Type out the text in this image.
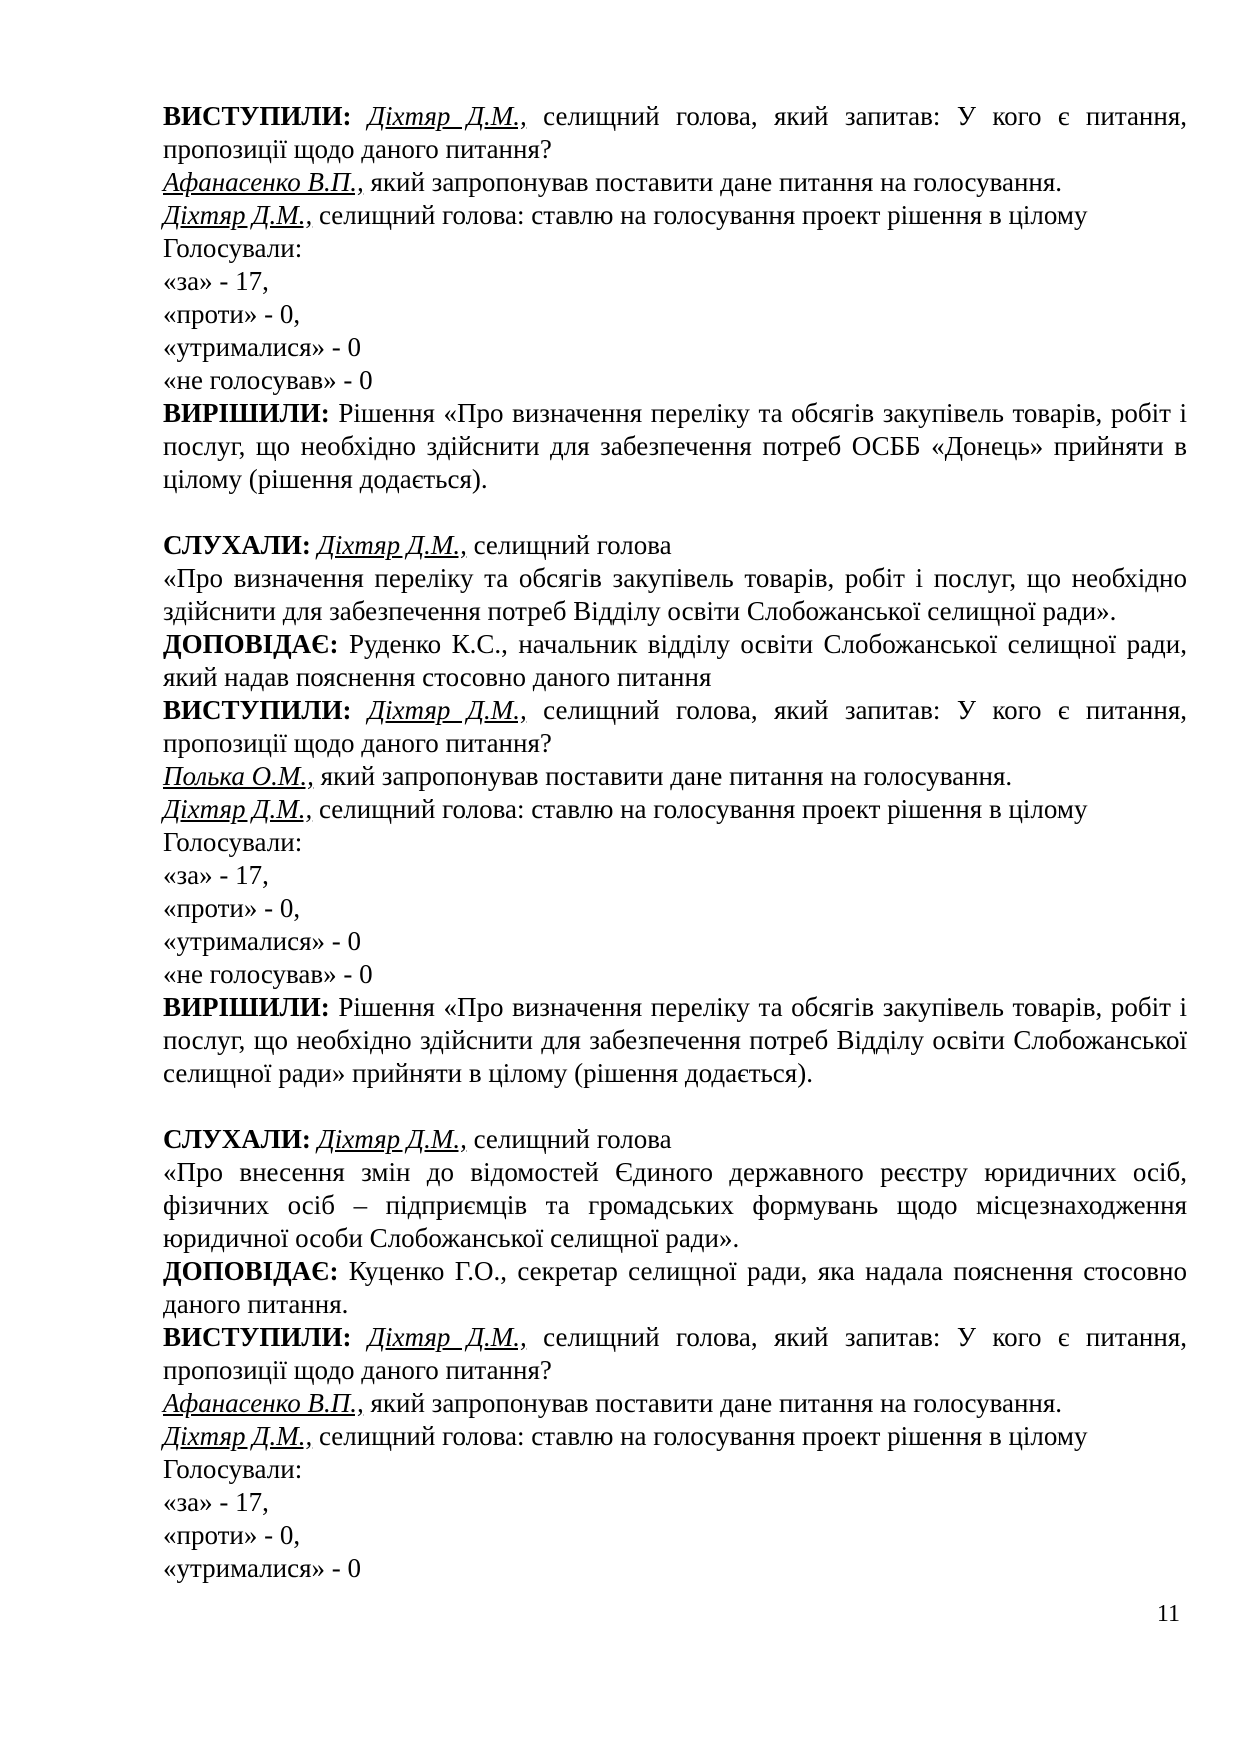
ВИСТУПИЛИ: Діхтяр Д.М., селищний голова, який запитав: У кого є питання, пропозиції щодо даного питання?

Афанасенко В.П., який запропонував поставити дане питання на голосування.

Діхтяр Д.М., селищний голова: ставлю на голосування проект рішення в цілому

Голосували:

«за» - 17,

«проти» - 0,

«утрималися» - 0

«не голосував» - 0

ВИРІШИЛИ: Рішення «Про визначення переліку та обсягів закупівель товарів, робіт і послуг, що необхідно здійснити для забезпечення потреб ОСББ «Донець» прийняти в цілому (рішення додається).

СЛУХАЛИ: Діхтяр Д.М., селищний голова

«Про визначення переліку та обсягів закупівель товарів, робіт і послуг, що необхідно здійснити для забезпечення потреб Відділу освіти Слобожанської селищної ради».

ДОПОВІДАЄ: Руденко К.С., начальник відділу освіти Слобожанської селищної ради, який надав пояснення стосовно даного питання

ВИСТУПИЛИ: Діхтяр Д.М., селищний голова, який запитав: У кого є питання, пропозиції щодо даного питання?

Полька О.М., який запропонував поставити дане питання на голосування.

Діхтяр Д.М., селищний голова: ставлю на голосування проект рішення в цілому

Голосували:

«за» - 17,

«проти» - 0,

«утрималися» - 0

«не голосував» - 0

ВИРІШИЛИ: Рішення «Про визначення переліку та обсягів закупівель товарів, робіт і послуг, що необхідно здійснити для забезпечення потреб Відділу освіти Слобожанської селищної ради» прийняти в цілому (рішення додається).

СЛУХАЛИ: Діхтяр Д.М., селищний голова

«Про внесення змін до відомостей Єдиного державного реєстру юридичних осіб, фізичних осіб – підприємців та громадських формувань щодо місцезнаходження юридичної особи Слобожанської селищної ради».

ДОПОВІДАЄ: Куценко Г.О., секретар селищної ради, яка надала пояснення стосовно даного питання.

ВИСТУПИЛИ: Діхтяр Д.М., селищний голова, який запитав: У кого є питання, пропозиції щодо даного питання?

Афанасенко В.П., який запропонував поставити дане питання на голосування.

Діхтяр Д.М., селищний голова: ставлю на голосування проект рішення в цілому

Голосували:

«за» - 17,

«проти» - 0,

«утрималися» - 0

11
